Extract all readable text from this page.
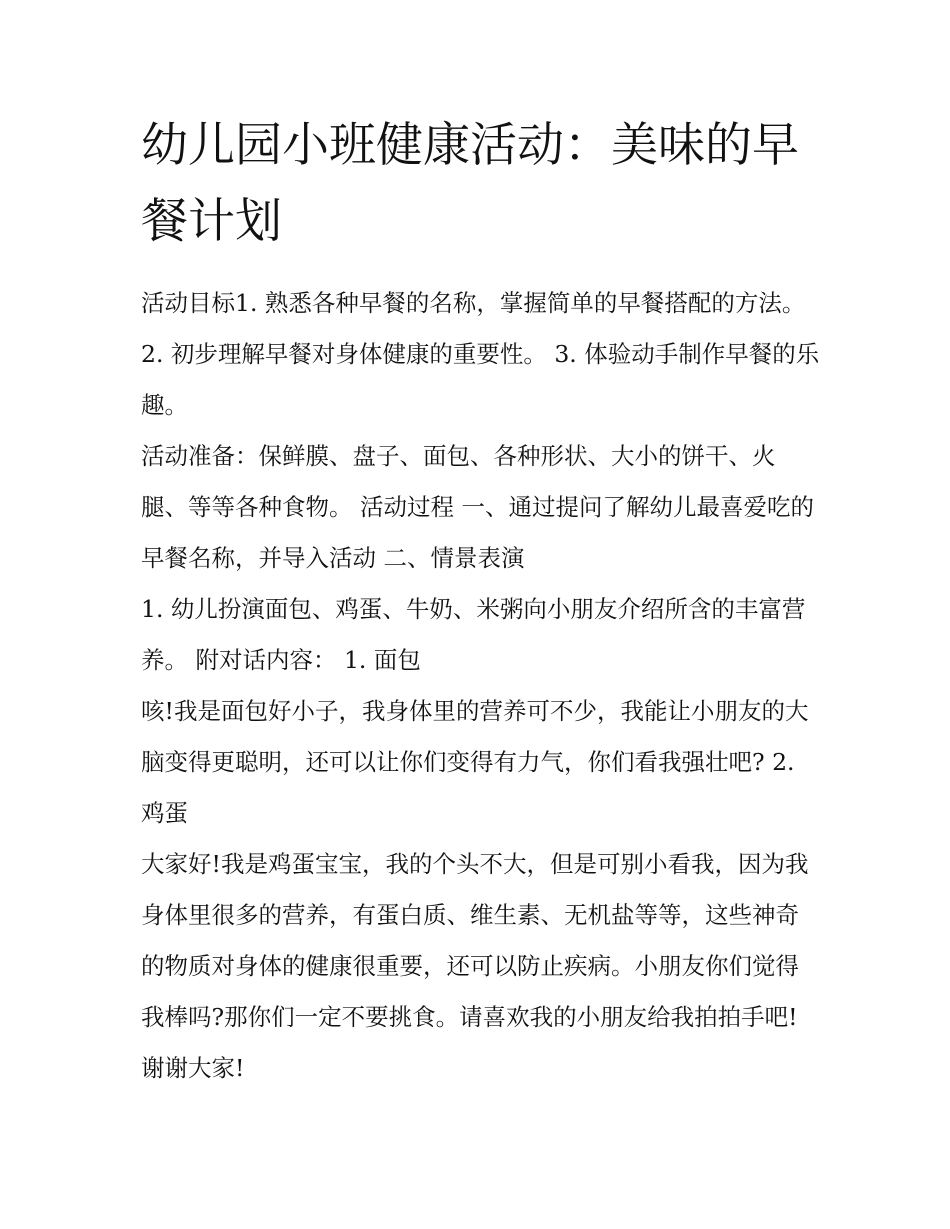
幼儿园小班健康活动：美味的早餐计划

活动目标1. 熟悉各种早餐的名称，掌握简单的早餐搭配的方法。 2. 初步理解早餐对身体健康的重要性。 3. 体验动手制作早餐的乐趣。

活动准备：保鲜膜、盘子、面包、各种形状、大小的饼干、火腿、等等各种食物。 活动过程 一、通过提问了解幼儿最喜爱吃的早餐名称，并导入活动 二、情景表演

1. 幼儿扮演面包、鸡蛋、牛奶、米粥向小朋友介绍所含的丰富营养。 附对话内容： 1. 面包

咳!我是面包好小子，我身体里的营养可不少，我能让小朋友的大脑变得更聪明，还可以让你们变得有力气，你们看我强壮吧? 2. 鸡蛋

大家好!我是鸡蛋宝宝，我的个头不大，但是可别小看我，因为我身体里很多的营养，有蛋白质、维生素、无机盐等等，这些神奇的物质对身体的健康很重要，还可以防止疾病。小朋友你们觉得我棒吗?那你们一定不要挑食。请喜欢我的小朋友给我拍拍手吧!谢谢大家!
